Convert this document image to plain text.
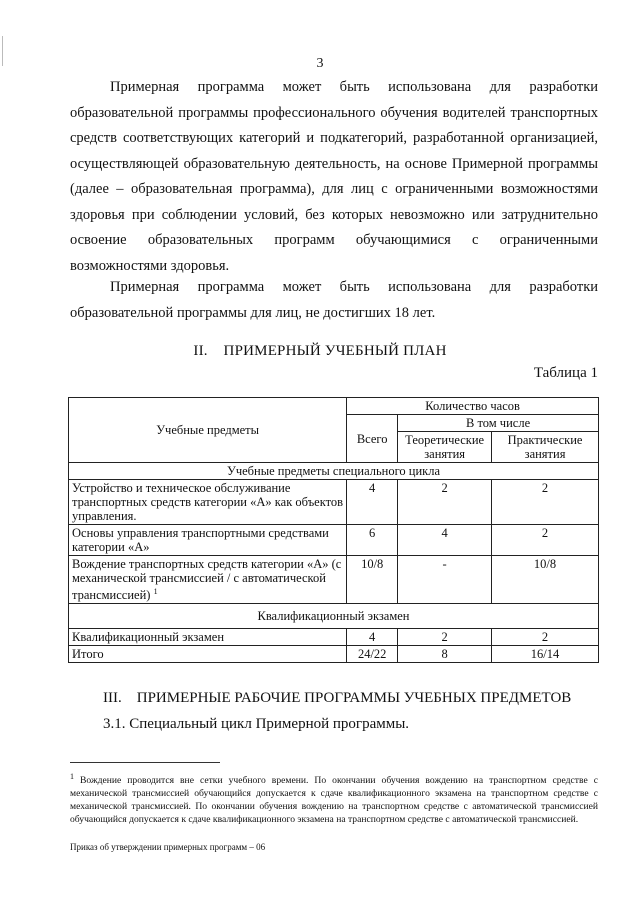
3
Примерная программа может быть использована для разработки образовательной программы профессионального обучения водителей транспортных средств соответствующих категорий и подкатегорий, разработанной организацией, осуществляющей образовательную деятельность, на основе Примерной программы (далее – образовательная программа), для лиц с ограниченными возможностями здоровья при соблюдении условий, без которых невозможно или затруднительно освоение образовательных программ обучающимися с ограниченными возможностями здоровья.
Примерная программа может быть использована для разработки образовательной программы для лиц, не достигших 18 лет.
II. ПРИМЕРНЫЙ УЧЕБНЫЙ ПЛАН
Таблица 1
Учебные предметы	Количество часов		
	Всего	В том числе	
		Теоретические занятия	Практические занятия
Учебные предметы специального цикла			
Устройство и техническое обслуживание транспортных средств категории «А» как объектов управления.	4	2	2
Основы управления транспортными средствами категории «А»	6	4	2
Вождение транспортных средств категории «А» (с механической трансмиссией / с автоматической трансмиссией) $^1$	10/8	-	10/8
Квалификационный экзамен			
Квалификационный экзамен	4	2	2
Итого	24/22	8	16/14
III. ПРИМЕРНЫЕ РАБОЧИЕ ПРОГРАММЫ УЧЕБНЫХ ПРЕДМЕТОВ
3.1. Специальный цикл Примерной программы.
$^1$ Вождение проводится вне сетки учебного времени. По окончании обучения вождению на транспортном средстве с механической трансмиссией обучающийся допускается к сдаче квалификационного экзамена на транспортном средстве с механической трансмиссией. По окончании обучения вождению на транспортном средстве с автоматической трансмиссией обучающийся допускается к сдаче квалификационного экзамена на транспортном средстве с автоматической трансмиссией.
Приказ об утверждении примерных программ – 06
